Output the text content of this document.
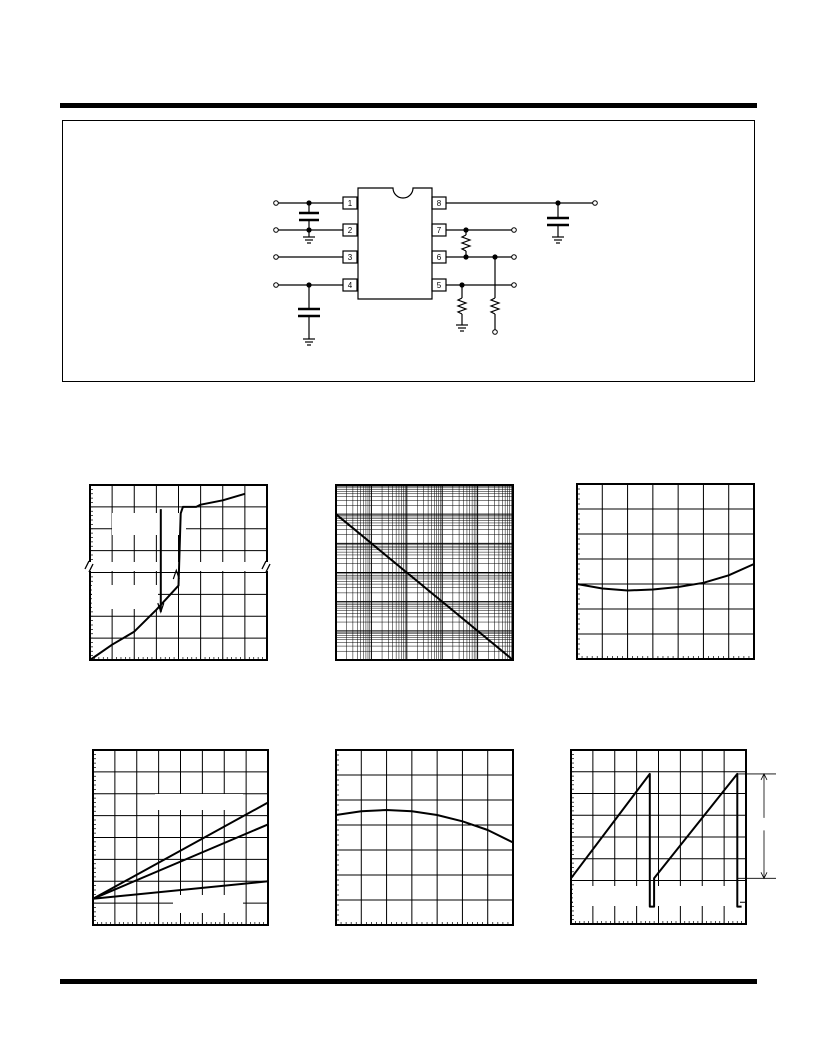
1
2
3
4
8
7
6
5
